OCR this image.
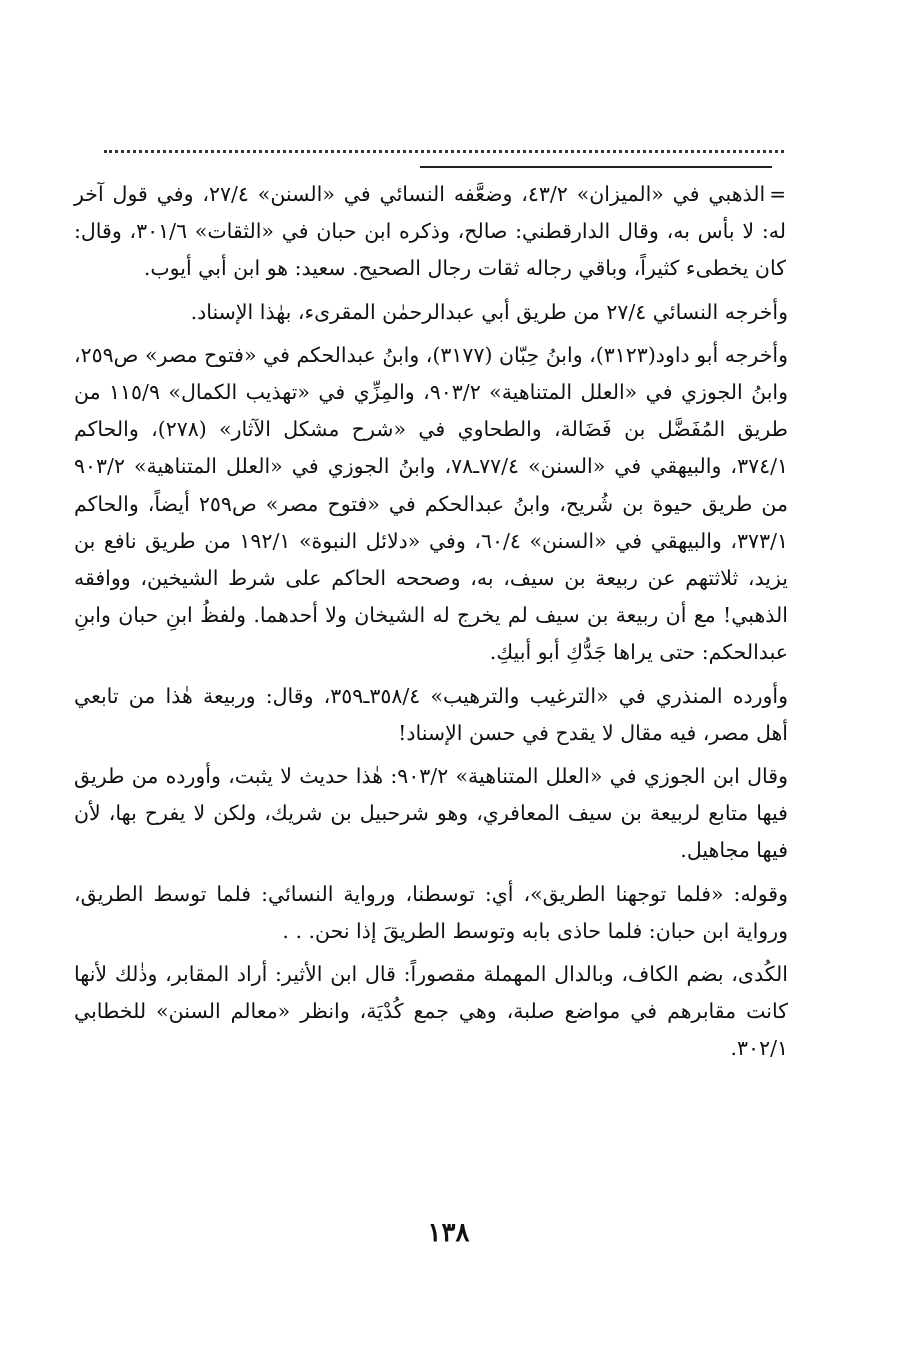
=الذهبي في «الميزان» ٤٣/٢، وضعَّفه النسائي في «السنن» ٢٧/٤، وفي قول آخر له: لا بأس به، وقال الدارقطني: صالح، وذكره ابن حبان في «الثقات» ٣٠١/٦، وقال: كان يخطىء كثيراً، وباقي رجاله ثقات رجال الصحيح. سعيد: هو ابن أبي أيوب.

وأخرجه النسائي ٢٧/٤ من طريق أبي عبدالرحمٰن المقرىء، بهٰذا الإسناد.

وأخرجه أبو داود(٣١٢٣)، وابنُ حِبّان (٣١٧٧)، وابنُ عبدالحكم في «فتوح مصر» ص٢٥٩، وابنُ الجوزي في «العلل المتناهية» ٩٠٣/٢، والمِزِّي في «تهذيب الكمال» ١١٥/٩ من طريق المُفَضَّل بن فَضَالة، والطحاوي في «شرح مشكل الآثار» (٢٧٨)، والحاكم ٣٧٤/١، والبيهقي في «السنن» ٧٧/٤ـ٧٨، وابنُ الجوزي في «العلل المتناهية» ٩٠٣/٢ من طريق حيوة بن شُريح، وابنُ عبدالحكم في «فتوح مصر» ص٢٥٩ أيضاً، والحاكم ٣٧٣/١، والبيهقي في «السنن» ٦٠/٤، وفي «دلائل النبوة» ١٩٢/١ من طريق نافع بن يزيد، ثلاثتهم عن ربيعة بن سيف، به، وصححه الحاكم على شرط الشيخين، ووافقه الذهبي! مع أن ربيعة بن سيف لم يخرج له الشيخان ولا أحدهما. ولفظُ ابنِ حبان وابنِ عبدالحكم: حتى يراها جَدُّكِ أبو أبيكِ.

وأورده المنذري في «الترغيب والترهيب» ٣٥٨/٤ـ٣٥٩، وقال: وربيعة هٰذا من تابعي أهل مصر، فيه مقال لا يقدح في حسن الإسناد!

وقال ابن الجوزي في «العلل المتناهية» ٩٠٣/٢: هٰذا حديث لا يثبت، وأورده من طريق فيها متابع لربيعة بن سيف المعافري، وهو شرحبيل بن شريك، ولكن لا يفرح بها، لأن فيها مجاهيل.

وقوله: «فلما توجهنا الطريق»، أي: توسطنا، ورواية النسائي: فلما توسط الطريق، ورواية ابن حبان: فلما حاذى بابه وتوسط الطريقَ إذا نحن. . .

الكُدى، بضم الكاف، وبالدال المهملة مقصوراً: قال ابن الأثير: أراد المقابر، وذٰلك لأنها كانت مقابرهم في مواضع صلبة، وهي جمع كُدْيَة، وانظر «معالم السنن» للخطابي ٣٠٢/١.

١٣٨
